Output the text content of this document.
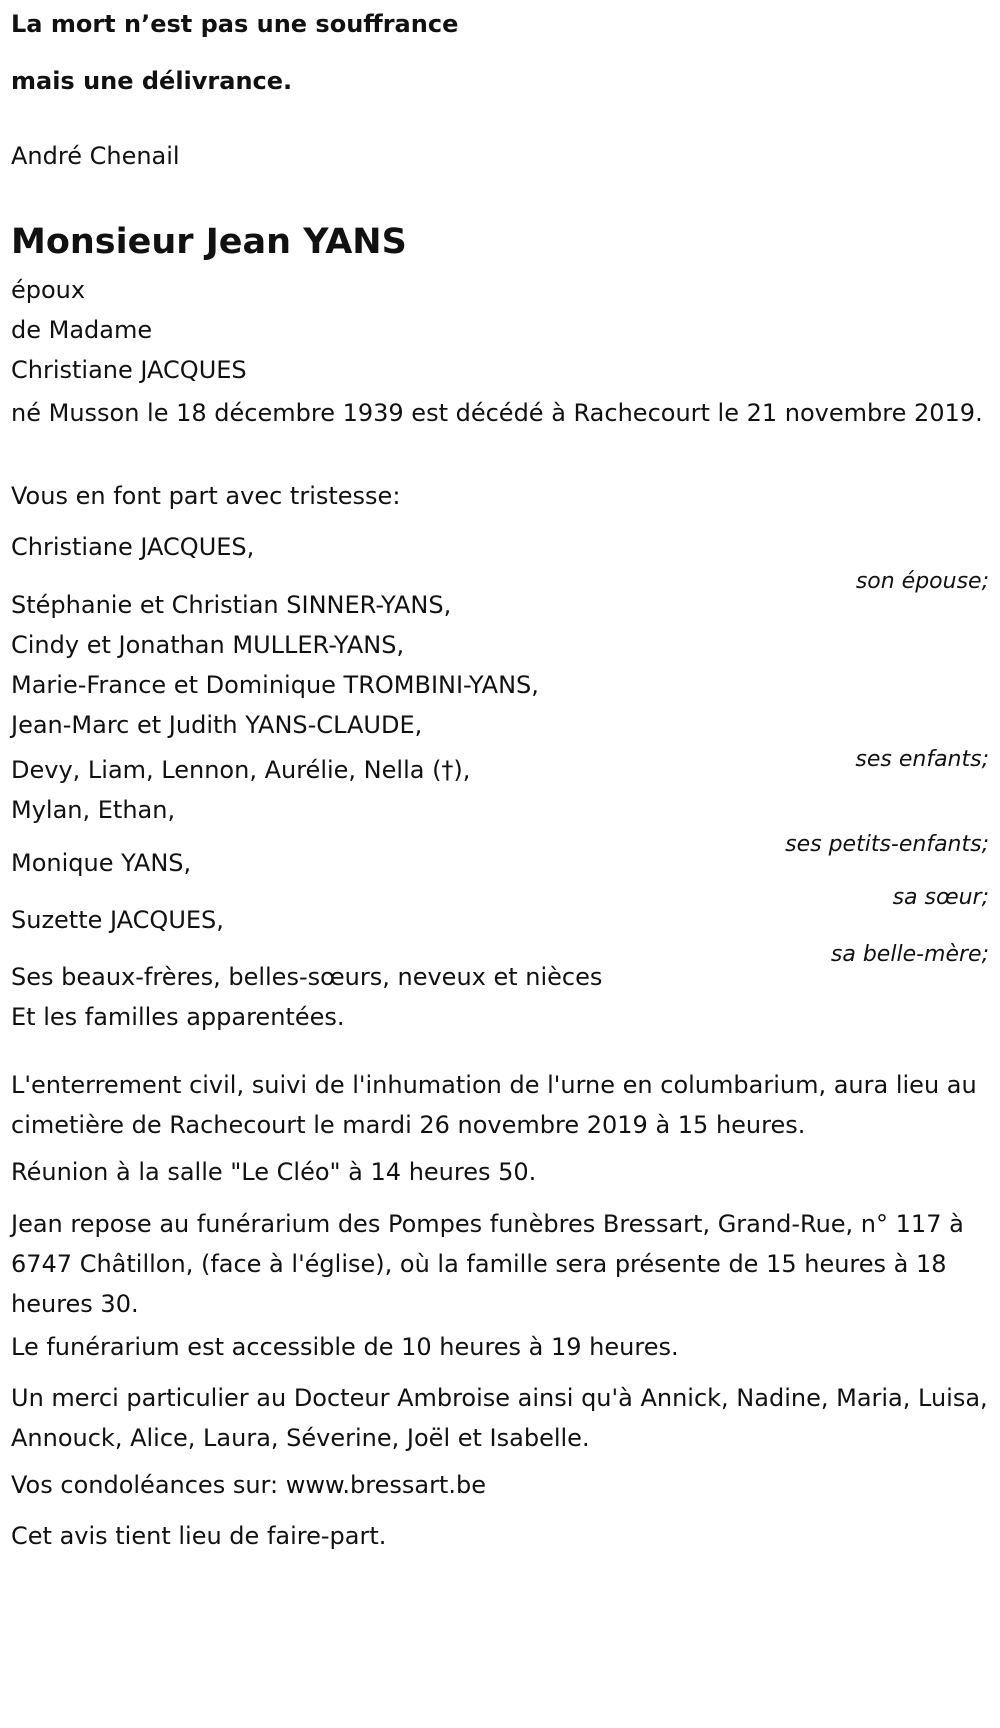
La mort n’est pas une souffrance
mais une délivrance.
André Chenail
Monsieur Jean YANS
époux
de Madame
Christiane JACQUES
né Musson le 18 décembre 1939 est décédé à Rachecourt le 21 novembre 2019.
Vous en font part avec tristesse:
Christiane JACQUES,
son épouse;
Stéphanie et Christian SINNER-YANS,
Cindy et Jonathan MULLER-YANS,
Marie-France et Dominique TROMBINI-YANS,
Jean-Marc et Judith YANS-CLAUDE,
ses enfants;
Devy, Liam, Lennon, Aurélie, Nella (†),
Mylan, Ethan,
ses petits-enfants;
Monique YANS,
sa sœur;
Suzette JACQUES,
sa belle-mère;
Ses beaux-frères, belles-sœurs, neveux et nièces
Et les familles apparentées.
L'enterrement civil, suivi de l'inhumation de l'urne en columbarium, aura lieu au cimetière de Rachecourt le mardi 26 novembre 2019 à 15 heures.
Réunion à la salle "Le Cléo" à 14 heures 50.
Jean repose au funérarium des Pompes funèbres Bressart, Grand-Rue, n° 117 à 6747 Châtillon, (face à l'église), où la famille sera présente de 15 heures à 18 heures 30.
Le funérarium est accessible de 10 heures à 19 heures.
Un merci particulier au Docteur Ambroise ainsi qu'à Annick, Nadine, Maria, Luisa, Annouck, Alice, Laura, Séverine, Joël et Isabelle.
Vos condoléances sur: www.bressart.be
Cet avis tient lieu de faire-part.
